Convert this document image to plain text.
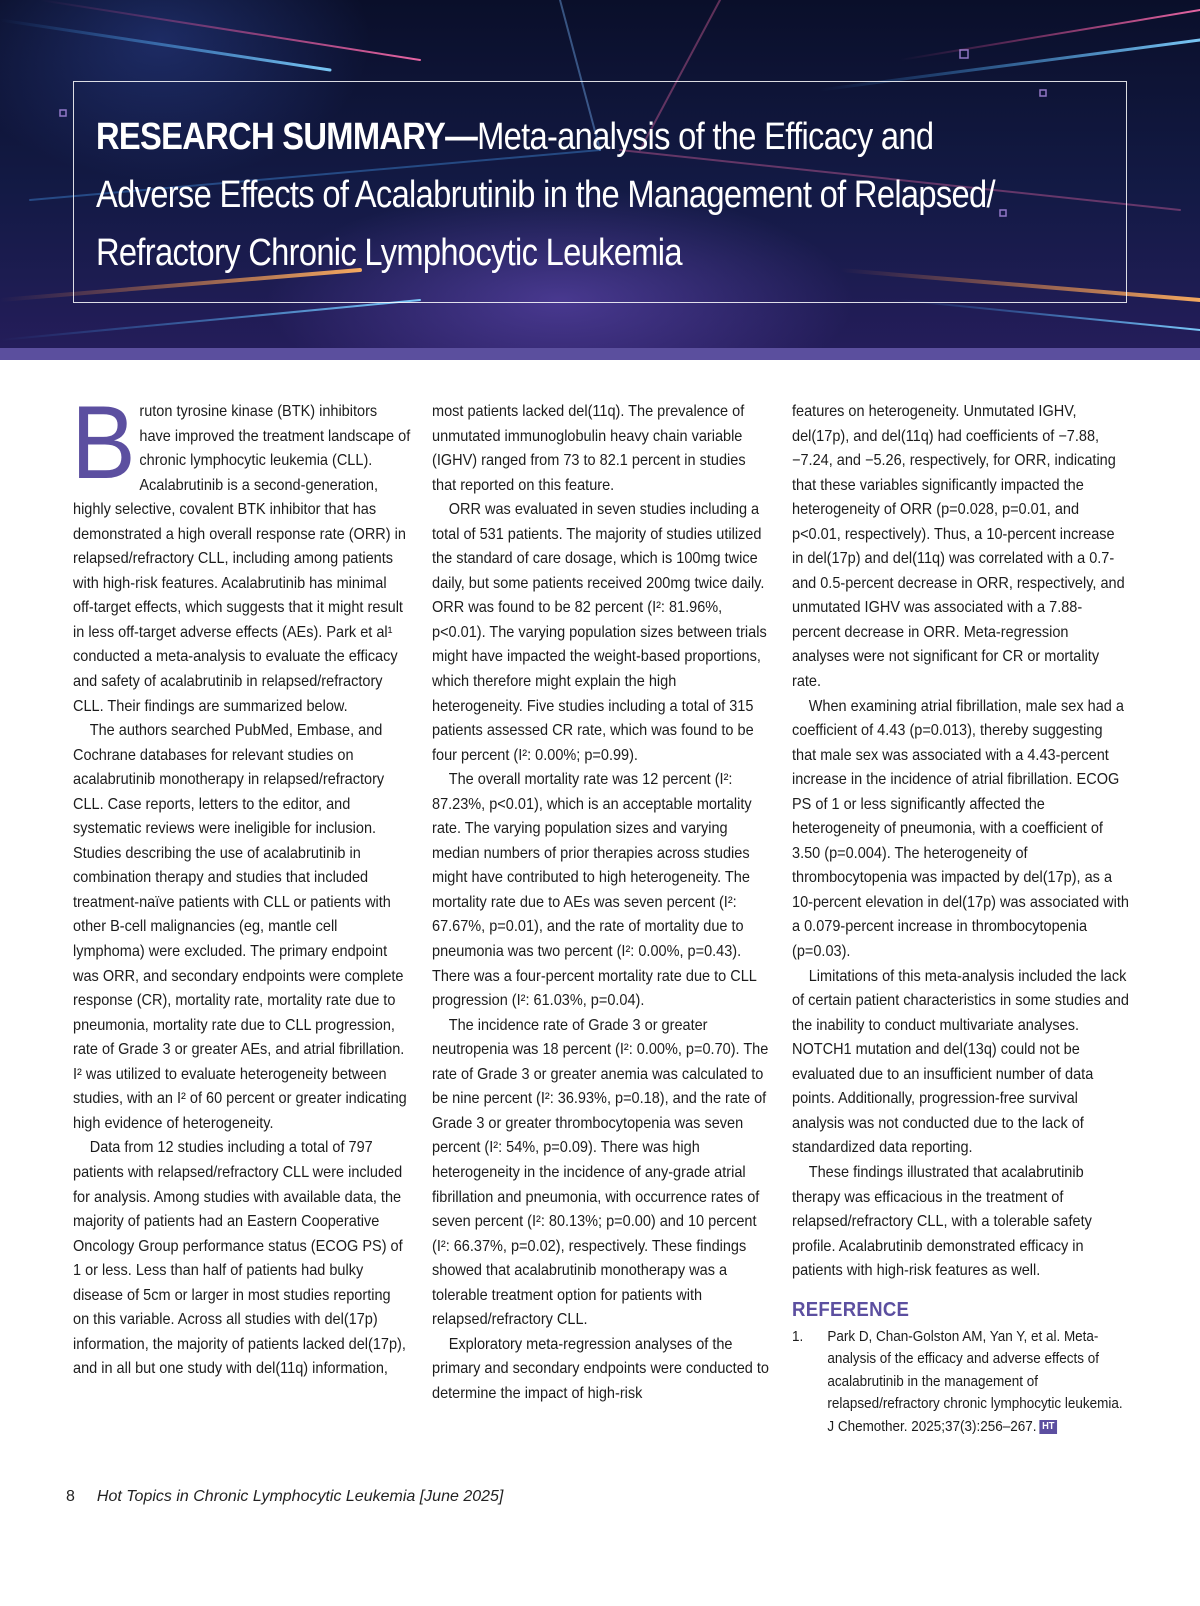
RESEARCH SUMMARY—Meta-analysis of the Efficacy and
Adverse Effects of Acalabrutinib in the Management of Relapsed/
Refractory Chronic Lymphocytic Leukemia

Bruton tyrosine kinase (BTK) inhibitors have improved the treatment landscape of chronic lymphocytic leukemia (CLL). Acalabrutinib is a second-generation, highly selective, covalent BTK inhibitor that has demonstrated a high overall response rate (ORR) in relapsed/refractory CLL, including among patients with high-risk features. Acalabrutinib has minimal off-target effects, which suggests that it might result in less off-target adverse effects (AEs). Park et al¹ conducted a meta-analysis to evaluate the efficacy and safety of acalabrutinib in relapsed/refractory CLL. Their findings are summarized below.

The authors searched PubMed, Embase, and Cochrane databases for relevant studies on acalabrutinib monotherapy in relapsed/refractory CLL. Case reports, letters to the editor, and systematic reviews were ineligible for inclusion. Studies describing the use of acalabrutinib in combination therapy and studies that included treatment-naïve patients with CLL or patients with other B-cell malignancies (eg, mantle cell lymphoma) were excluded. The primary endpoint was ORR, and secondary endpoints were complete response (CR), mortality rate, mortality rate due to pneumonia, mortality rate due to CLL progression, rate of Grade 3 or greater AEs, and atrial fibrillation. I² was utilized to evaluate heterogeneity between studies, with an I² of 60 percent or greater indicating high evidence of heterogeneity.

Data from 12 studies including a total of 797 patients with relapsed/refractory CLL were included for analysis. Among studies with available data, the majority of patients had an Eastern Cooperative Oncology Group performance status (ECOG PS) of 1 or less. Less than half of patients had bulky disease of 5cm or larger in most studies reporting on this variable. Across all studies with del(17p) information, the majority of patients lacked del(17p), and in all but one study with del(11q) information,

most patients lacked del(11q). The prevalence of unmutated immunoglobulin heavy chain variable (IGHV) ranged from 73 to 82.1 percent in studies that reported on this feature.

ORR was evaluated in seven studies including a total of 531 patients. The majority of studies utilized the standard of care dosage, which is 100mg twice daily, but some patients received 200mg twice daily. ORR was found to be 82 percent (I²: 81.96%, p<0.01). The varying population sizes between trials might have impacted the weight-based proportions, which therefore might explain the high heterogeneity. Five studies including a total of 315 patients assessed CR rate, which was found to be four percent (I²: 0.00%; p=0.99).

The overall mortality rate was 12 percent (I²: 87.23%, p<0.01), which is an acceptable mortality rate. The varying population sizes and varying median numbers of prior therapies across studies might have contributed to high heterogeneity. The mortality rate due to AEs was seven percent (I²: 67.67%, p=0.01), and the rate of mortality due to pneumonia was two percent (I²: 0.00%, p=0.43). There was a four-percent mortality rate due to CLL progression (I²: 61.03%, p=0.04).

The incidence rate of Grade 3 or greater neutropenia was 18 percent (I²: 0.00%, p=0.70). The rate of Grade 3 or greater anemia was calculated to be nine percent (I²: 36.93%, p=0.18), and the rate of Grade 3 or greater thrombocytopenia was seven percent (I²: 54%, p=0.09). There was high heterogeneity in the incidence of any-grade atrial fibrillation and pneumonia, with occurrence rates of seven percent (I²: 80.13%; p=0.00) and 10 percent (I²: 66.37%, p=0.02), respectively. These findings showed that acalabrutinib monotherapy was a tolerable treatment option for patients with relapsed/refractory CLL.

Exploratory meta-regression analyses of the primary and secondary endpoints were conducted to determine the impact of high-risk

features on heterogeneity. Unmutated IGHV, del(17p), and del(11q) had coefficients of −7.88, −7.24, and −5.26, respectively, for ORR, indicating that these variables significantly impacted the heterogeneity of ORR (p=0.028, p=0.01, and p<0.01, respectively). Thus, a 10-percent increase in del(17p) and del(11q) was correlated with a 0.7- and 0.5-percent decrease in ORR, respectively, and unmutated IGHV was associated with a 7.88-percent decrease in ORR. Meta-regression analyses were not significant for CR or mortality rate.

When examining atrial fibrillation, male sex had a coefficient of 4.43 (p=0.013), thereby suggesting that male sex was associated with a 4.43-percent increase in the incidence of atrial fibrillation. ECOG PS of 1 or less significantly affected the heterogeneity of pneumonia, with a coefficient of 3.50 (p=0.004). The heterogeneity of thrombocytopenia was impacted by del(17p), as a 10-percent elevation in del(17p) was associated with a 0.079-percent increase in thrombocytopenia (p=0.03).

Limitations of this meta-analysis included the lack of certain patient characteristics in some studies and the inability to conduct multivariate analyses. NOTCH1 mutation and del(13q) could not be evaluated due to an insufficient number of data points. Additionally, progression-free survival analysis was not conducted due to the lack of standardized data reporting.

These findings illustrated that acalabrutinib therapy was efficacious in the treatment of relapsed/refractory CLL, with a tolerable safety profile. Acalabrutinib demonstrated efficacy in patients with high-risk features as well.

REFERENCE
1.	Park D, Chan-Golston AM, Yan Y, et al. Meta-analysis of the efficacy and adverse effects of acalabrutinib in the management of relapsed/refractory chronic lymphocytic leukemia. J Chemother. 2025;37(3):256–267. HT
8 Hot Topics in Chronic Lymphocytic Leukemia [June 2025]
